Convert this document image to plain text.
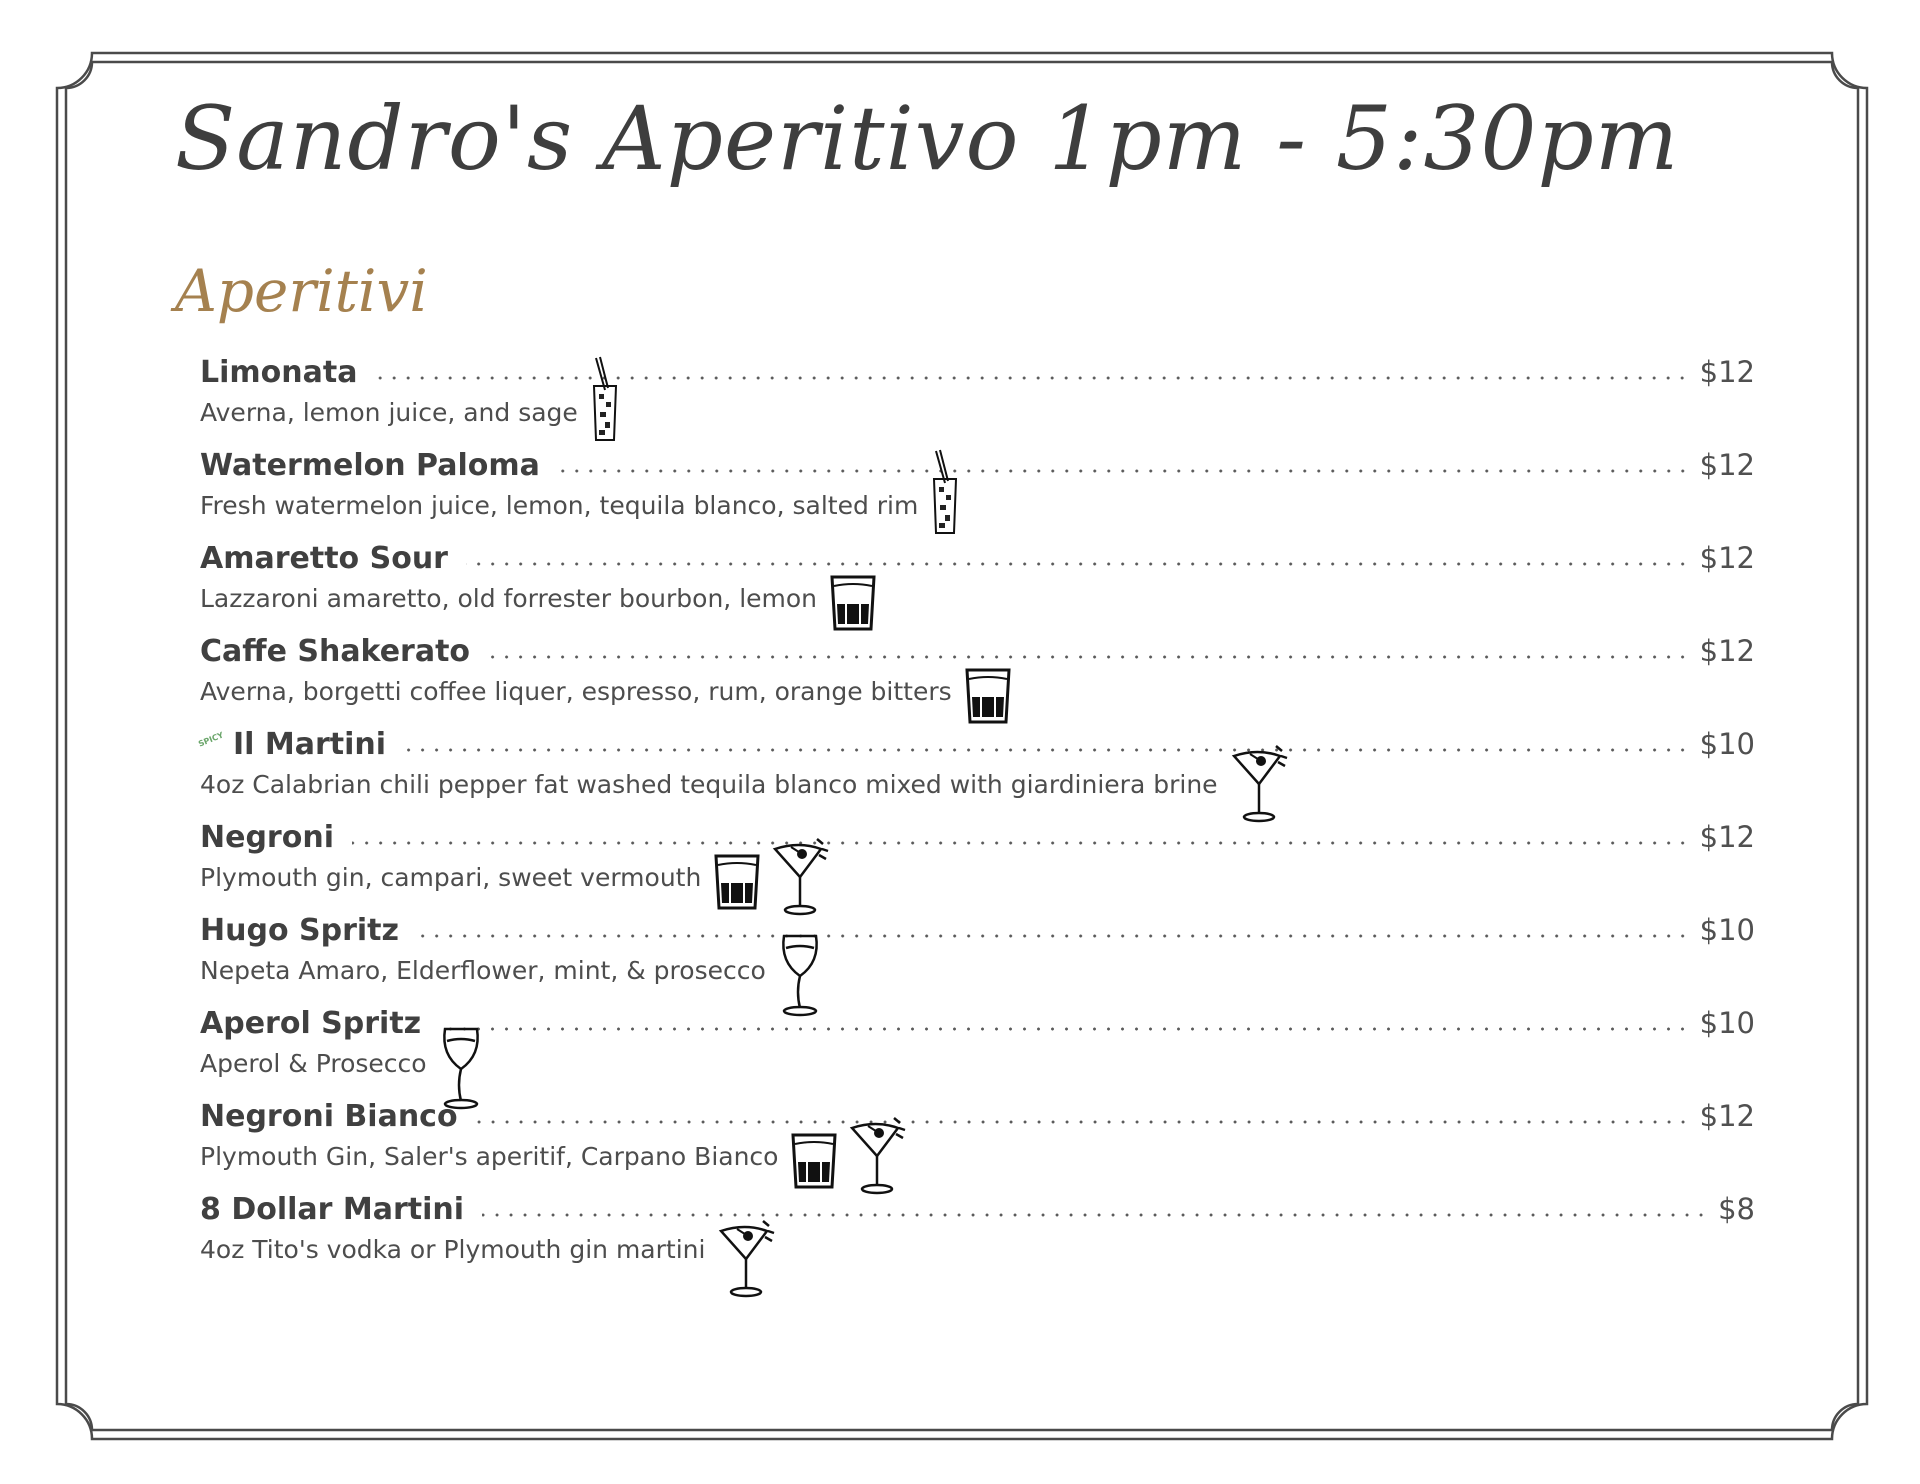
Sandro's Aperitivo 1pm - 5:30pm
Aperitivi
Limonata	$12
Averna, lemon juice, and sage
Watermelon Paloma	$12
Fresh watermelon juice, lemon, tequila blanco, salted rim
Amaretto Sour	$12
Lazzaroni amaretto, old forrester bourbon, lemon
Caffe Shakerato	$12
Averna, borgetti coffee liquer, espresso, rum, orange bitters
SPICY Il Martini	$10
4oz Calabrian chili pepper fat washed tequila blanco mixed with giardiniera brine
Negroni	$12
Plymouth gin, campari, sweet vermouth
Hugo Spritz	$10
Nepeta Amaro, Elderflower, mint, & prosecco
Aperol Spritz	$10
Aperol & Prosecco
Negroni Bianco	$12
Plymouth Gin, Saler's aperitif, Carpano Bianco
8 Dollar Martini	$8
4oz Tito's vodka or Plymouth gin martini
